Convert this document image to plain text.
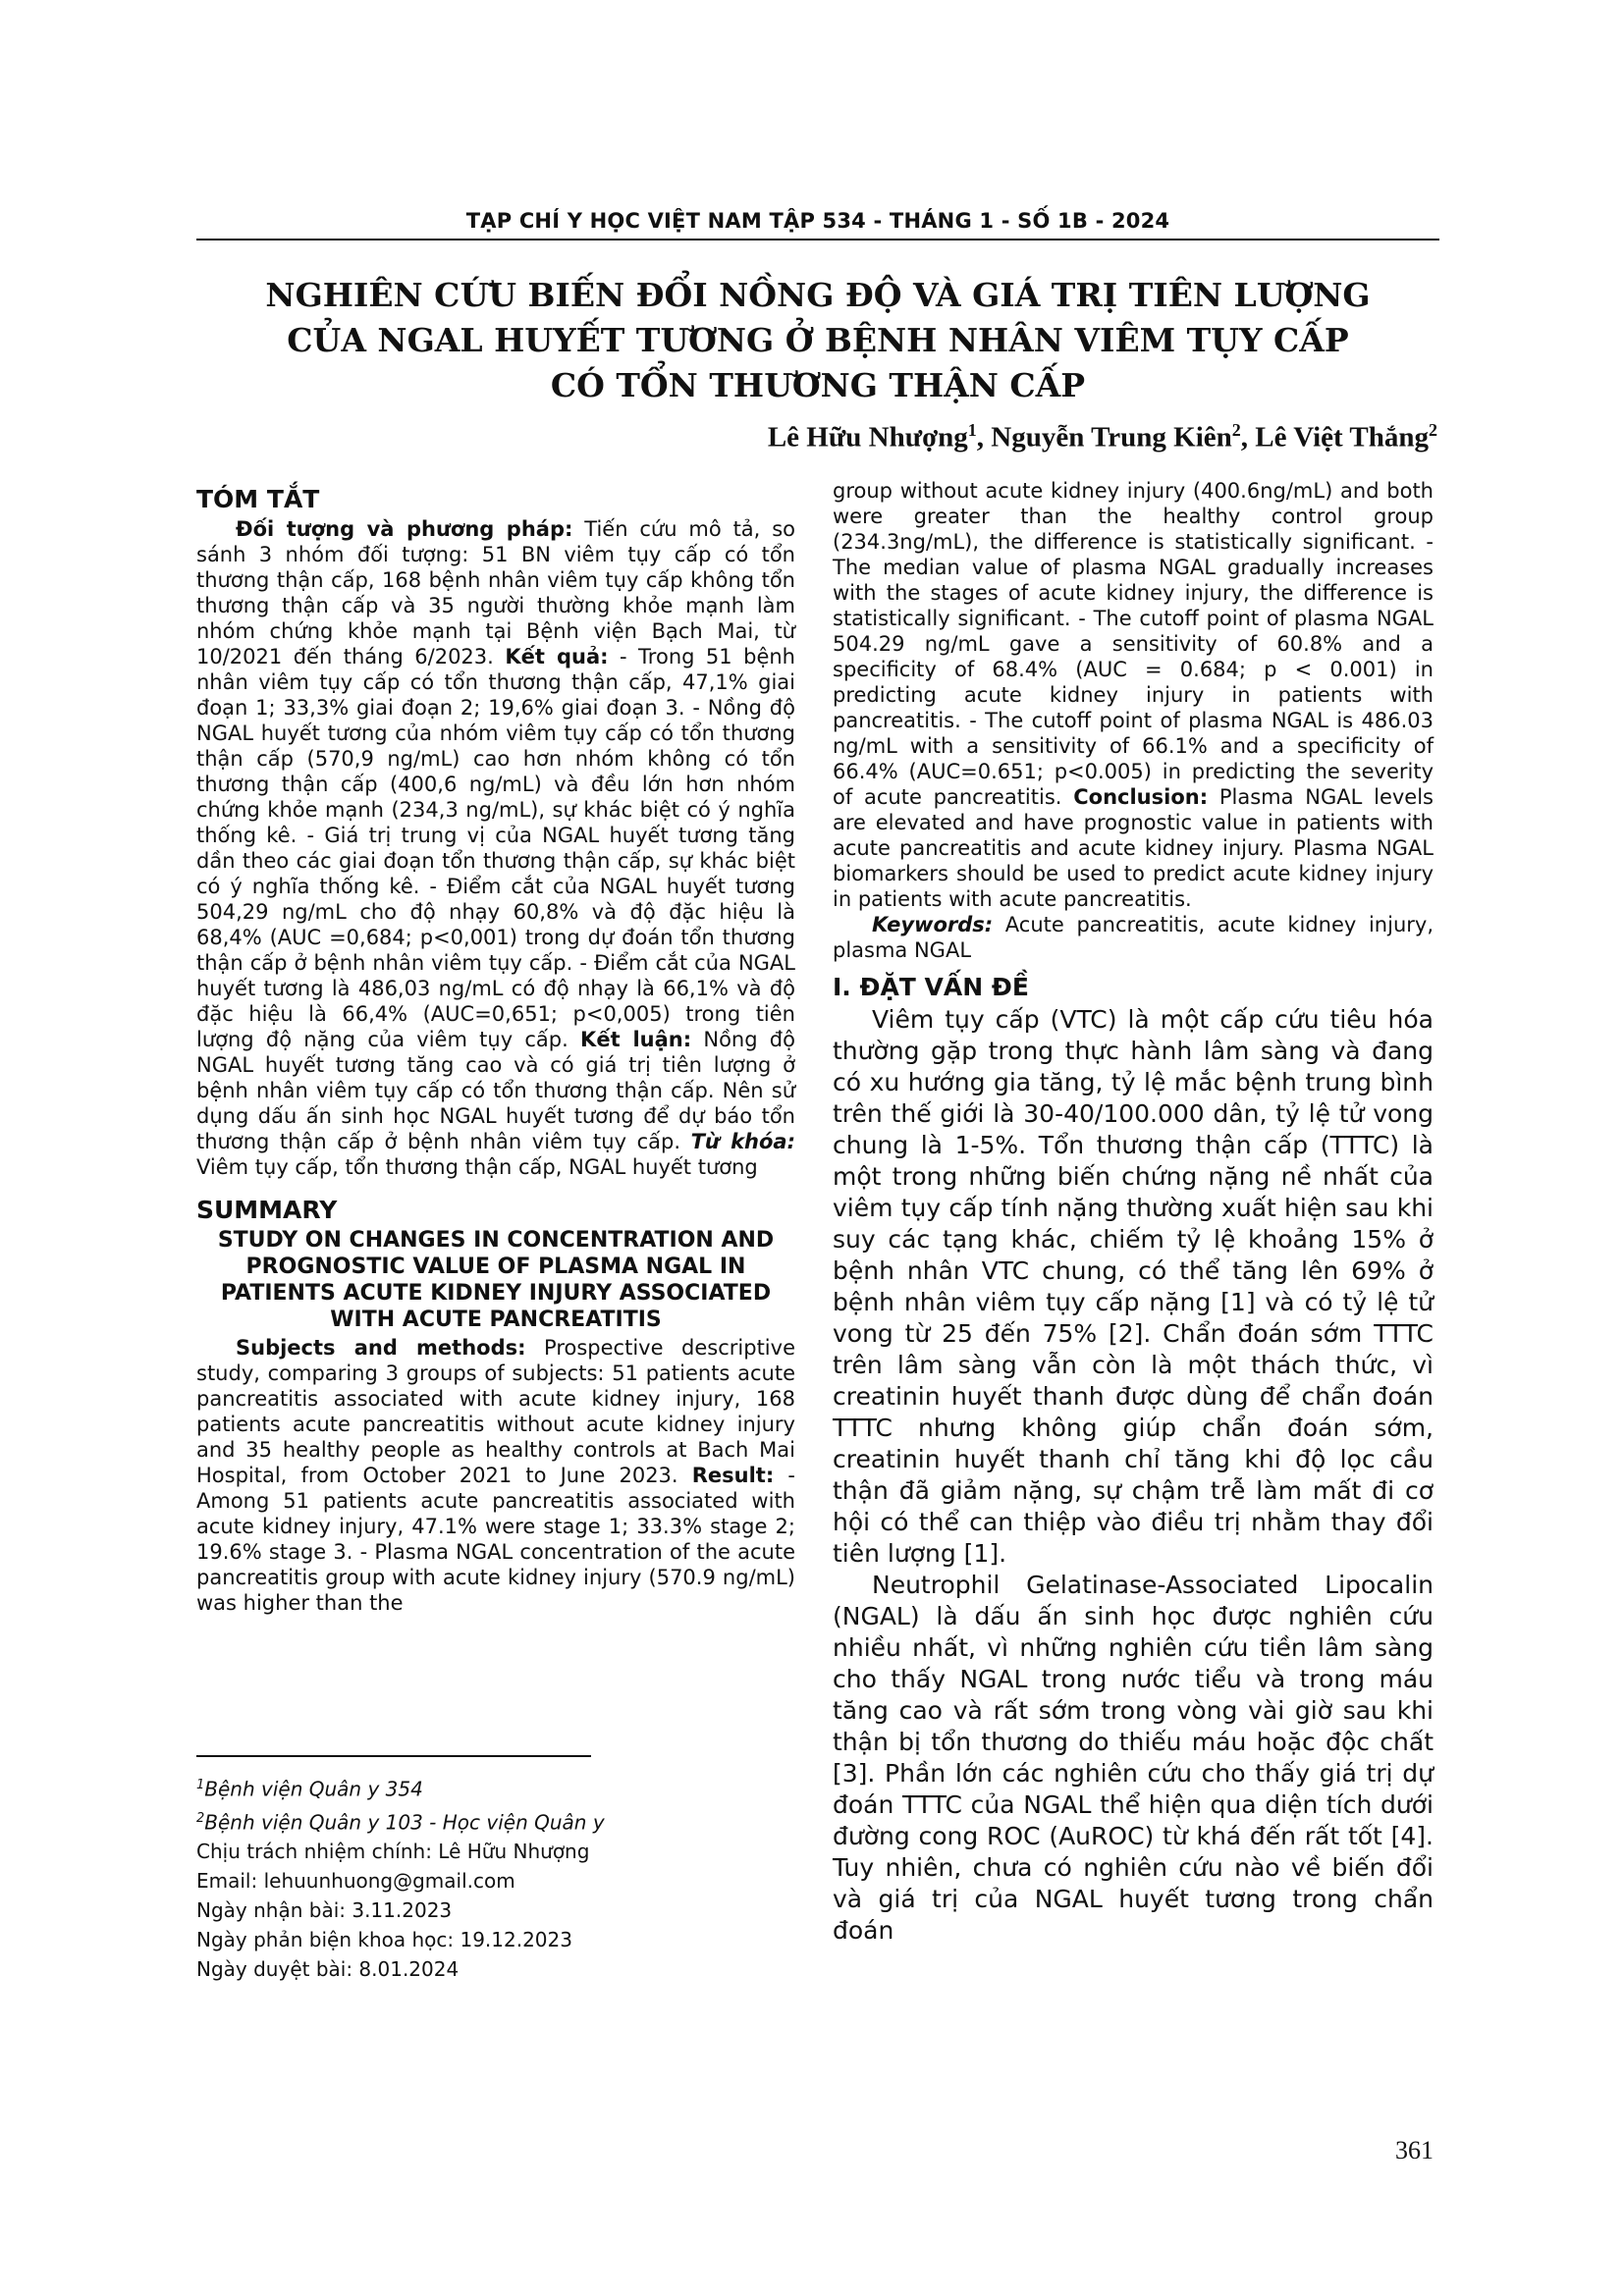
TẠP CHÍ Y HỌC VIỆT NAM TẬP 534 - THÁNG 1 - SỐ 1B - 2024
NGHIÊN CỨU BIẾN ĐỔI NỒNG ĐỘ VÀ GIÁ TRỊ TIÊN LƯỢNG
CỦA NGAL HUYẾT TƯƠNG Ở BỆNH NHÂN VIÊM TỤY CẤP
CÓ TỔN THƯƠNG THẬN CẤP
Lê Hữu Nhượng$^1$, Nguyễn Trung Kiên$^2$, Lê Việt Thắng$^2$

TÓM TẮT

Đối tượng và phương pháp: Tiến cứu mô tả, so sánh 3 nhóm đối tượng: 51 BN viêm tụy cấp có tổn thương thận cấp, 168 bệnh nhân viêm tụy cấp không tổn thương thận cấp và 35 người thường khỏe mạnh làm nhóm chứng khỏe mạnh tại Bệnh viện Bạch Mai, từ 10/2021 đến tháng 6/2023. Kết quả: - Trong 51 bệnh nhân viêm tụy cấp có tổn thương thận cấp, 47,1% giai đoạn 1; 33,3% giai đoạn 2; 19,6% giai đoạn 3. - Nồng độ NGAL huyết tương của nhóm viêm tụy cấp có tổn thương thận cấp (570,9 ng/mL) cao hơn nhóm không có tổn thương thận cấp (400,6 ng/mL) và đều lớn hơn nhóm chứng khỏe mạnh (234,3 ng/mL), sự khác biệt có ý nghĩa thống kê. - Giá trị trung vị của NGAL huyết tương tăng dần theo các giai đoạn tổn thương thận cấp, sự khác biệt có ý nghĩa thống kê. - Điểm cắt của NGAL huyết tương 504,29 ng/mL cho độ nhạy 60,8% và độ đặc hiệu là 68,4% (AUC =0,684; p<0,001) trong dự đoán tổn thương thận cấp ở bệnh nhân viêm tụy cấp. - Điểm cắt của NGAL huyết tương là 486,03 ng/mL có độ nhạy là 66,1% và độ đặc hiệu là 66,4% (AUC=0,651; p<0,005) trong tiên lượng độ nặng của viêm tụy cấp. Kết luận: Nồng độ NGAL huyết tương tăng cao và có giá trị tiên lượng ở bệnh nhân viêm tụy cấp có tổn thương thận cấp. Nên sử dụng dấu ấn sinh học NGAL huyết tương để dự báo tổn thương thận cấp ở bệnh nhân viêm tụy cấp. Từ khóa: Viêm tụy cấp, tổn thương thận cấp, NGAL huyết tương

SUMMARY

STUDY ON CHANGES IN CONCENTRATION AND PROGNOSTIC VALUE OF PLASMA NGAL IN PATIENTS ACUTE KIDNEY INJURY ASSOCIATED WITH ACUTE PANCREATITIS

Subjects and methods: Prospective descriptive study, comparing 3 groups of subjects: 51 patients acute pancreatitis associated with acute kidney injury, 168 patients acute pancreatitis without acute kidney injury and 35 healthy people as healthy controls at Bach Mai Hospital, from October 2021 to June 2023. Result: - Among 51 patients acute pancreatitis associated with acute kidney injury, 47.1% were stage 1; 33.3% stage 2; 19.6% stage 3. - Plasma NGAL concentration of the acute pancreatitis group with acute kidney injury (570.9 ng/mL) was higher than the

$^1$Bệnh viện Quân y 354
$^2$Bệnh viện Quân y 103 - Học viện Quân y
Chịu trách nhiệm chính: Lê Hữu Nhượng
Email: lehuunhuong@gmail.com
Ngày nhận bài: 3.11.2023
Ngày phản biện khoa học: 19.12.2023
Ngày duyệt bài: 8.01.2024

group without acute kidney injury (400.6ng/mL) and both were greater than the healthy control group (234.3ng/mL), the difference is statistically significant. - The median value of plasma NGAL gradually increases with the stages of acute kidney injury, the difference is statistically significant. - The cutoff point of plasma NGAL 504.29 ng/mL gave a sensitivity of 60.8% and a specificity of 68.4% (AUC = 0.684; p < 0.001) in predicting acute kidney injury in patients with pancreatitis. - The cutoff point of plasma NGAL is 486.03 ng/mL with a sensitivity of 66.1% and a specificity of 66.4% (AUC=0.651; p<0.005) in predicting the severity of acute pancreatitis. Conclusion: Plasma NGAL levels are elevated and have prognostic value in patients with acute pancreatitis and acute kidney injury. Plasma NGAL biomarkers should be used to predict acute kidney injury in patients with acute pancreatitis.

Keywords: Acute pancreatitis, acute kidney injury, plasma NGAL

I. ĐẶT VẤN ĐỀ

Viêm tụy cấp (VTC) là một cấp cứu tiêu hóa thường gặp trong thực hành lâm sàng và đang có xu hướng gia tăng, tỷ lệ mắc bệnh trung bình trên thế giới là 30-40/100.000 dân, tỷ lệ tử vong chung là 1-5%. Tổn thương thận cấp (TTTC) là một trong những biến chứng nặng nề nhất của viêm tụy cấp tính nặng thường xuất hiện sau khi suy các tạng khác, chiếm tỷ lệ khoảng 15% ở bệnh nhân VTC chung, có thể tăng lên 69% ở bệnh nhân viêm tụy cấp nặng [1] và có tỷ lệ tử vong từ 25 đến 75% [2]. Chẩn đoán sớm TTTC trên lâm sàng vẫn còn là một thách thức, vì creatinin huyết thanh được dùng để chẩn đoán TTTC nhưng không giúp chẩn đoán sớm, creatinin huyết thanh chỉ tăng khi độ lọc cầu thận đã giảm nặng, sự chậm trễ làm mất đi cơ hội có thể can thiệp vào điều trị nhằm thay đổi tiên lượng [1].

Neutrophil Gelatinase-Associated Lipocalin (NGAL) là dấu ấn sinh học được nghiên cứu nhiều nhất, vì những nghiên cứu tiền lâm sàng cho thấy NGAL trong nước tiểu và trong máu tăng cao và rất sớm trong vòng vài giờ sau khi thận bị tổn thương do thiếu máu hoặc độc chất [3]. Phần lớn các nghiên cứu cho thấy giá trị dự đoán TTTC của NGAL thể hiện qua diện tích dưới đường cong ROC (AuROC) từ khá đến rất tốt [4]. Tuy nhiên, chưa có nghiên cứu nào về biến đổi và giá trị của NGAL huyết tương trong chẩn đoán

361
